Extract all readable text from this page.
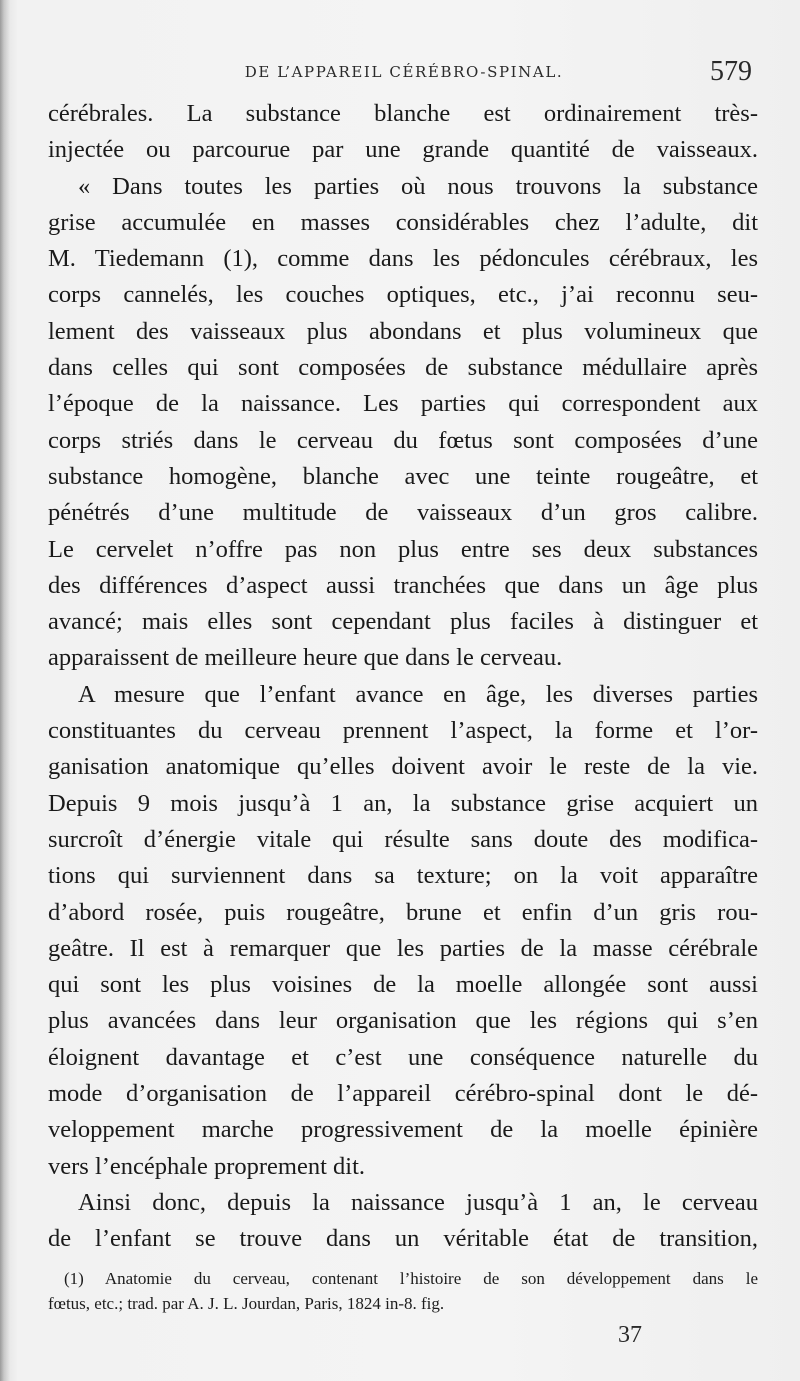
DE L’APPAREIL CÉRÉBRO-SPINAL.	579
cérébrales. La substance blanche est ordinairement très-
injectée ou parcourue par une grande quantité de vaisseaux.
« Dans toutes les parties où nous trouvons la substance
grise accumulée en masses considérables chez l’adulte, dit
M. Tiedemann (1), comme dans les pédoncules cérébraux, les
corps cannelés, les couches optiques, etc., j’ai reconnu seu-
lement des vaisseaux plus abondans et plus volumineux que
dans celles qui sont composées de substance médullaire après
l’époque de la naissance. Les parties qui correspondent aux
corps striés dans le cerveau du fœtus sont composées d’une
substance homogène, blanche avec une teinte rougeâtre, et
pénétrés d’une multitude de vaisseaux d’un gros calibre.
Le cervelet n’offre pas non plus entre ses deux substances
des différences d’aspect aussi tranchées que dans un âge plus
avancé; mais elles sont cependant plus faciles à distinguer et
apparaissent de meilleure heure que dans le cerveau.
A mesure que l’enfant avance en âge, les diverses parties
constituantes du cerveau prennent l’aspect, la forme et l’or-
ganisation anatomique qu’elles doivent avoir le reste de la vie.
Depuis 9 mois jusqu’à 1 an, la substance grise acquiert un
surcroît d’énergie vitale qui résulte sans doute des modifica-
tions qui surviennent dans sa texture; on la voit apparaître
d’abord rosée, puis rougeâtre, brune et enfin d’un gris rou-
geâtre. Il est à remarquer que les parties de la masse cérébrale
qui sont les plus voisines de la moelle allongée sont aussi
plus avancées dans leur organisation que les régions qui s’en
éloignent davantage et c’est une conséquence naturelle du
mode d’organisation de l’appareil cérébro-spinal dont le dé-
veloppement marche progressivement de la moelle épinière
vers l’encéphale proprement dit.
Ainsi donc, depuis la naissance jusqu’à 1 an, le cerveau
de l’enfant se trouve dans un véritable état de transition,
(1) Anatomie du cerveau, contenant l’histoire de son développement dans le
fœtus, etc.; trad. par A. J. L. Jourdan, Paris, 1824 in-8. fig.
37
